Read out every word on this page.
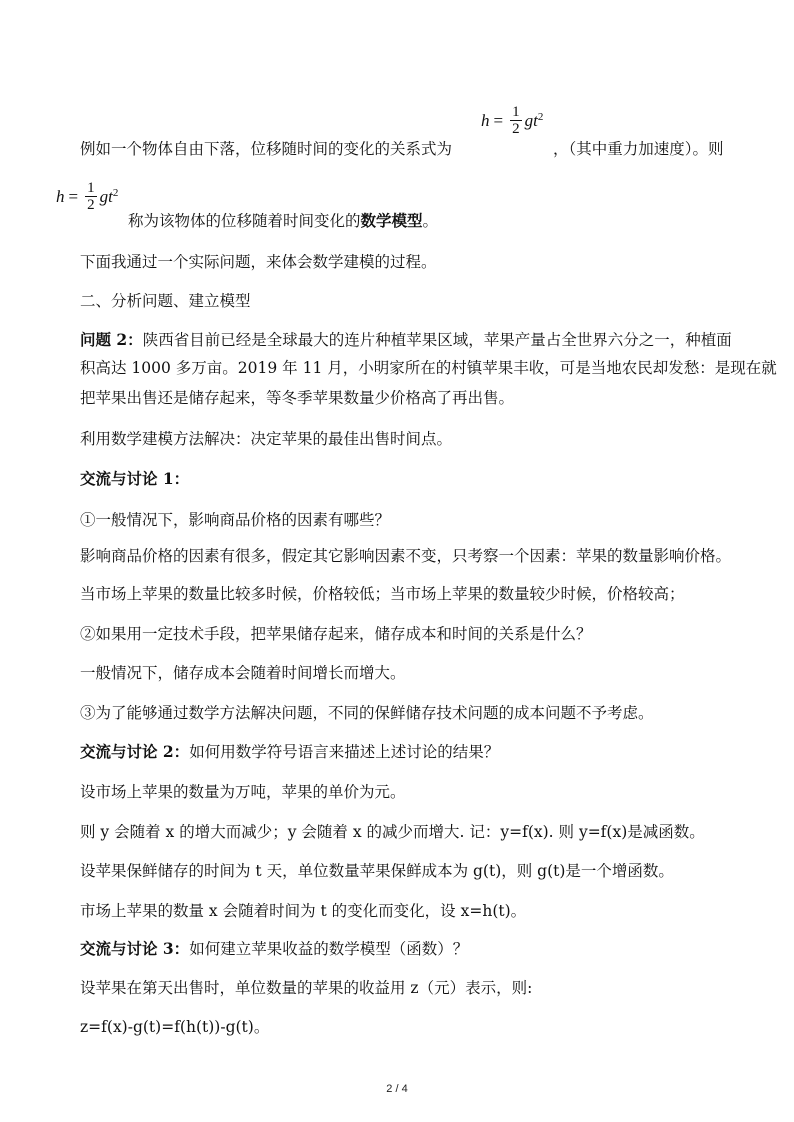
$h = \frac{1}{2}$ gt 2
例如一个物体自由下落，位移随时间的变化的关系式为	，（其中重力加速度）。则
$h = \frac{1}{2}$ gt 2
称为该物体的位移随着时间变化的数学模型。
下面我通过一个实际问题，来体会数学建模的过程。
二、分析问题、建立模型
问题 2：陕西省目前已经是全球最大的连片种植苹果区域，苹果产量占全世界六分之一，种植面
积高达 1000 多万亩。2019 年 11 月，小明家所在的村镇苹果丰收，可是当地农民却发愁：是现在就
把苹果出售还是储存起来，等冬季苹果数量少价格高了再出售。
利用数学建模方法解决：决定苹果的最佳出售时间点。
交流与讨论 1：
①一般情况下，影响商品价格的因素有哪些？
影响商品价格的因素有很多，假定其它影响因素不变，只考察一个因素：苹果的数量影响价格。
当市场上苹果的数量比较多时候，价格较低；当市场上苹果的数量较少时候，价格较高；
②如果用一定技术手段，把苹果储存起来，储存成本和时间的关系是什么？
一般情况下，储存成本会随着时间增长而增大。
③为了能够通过数学方法解决问题，不同的保鲜储存技术问题的成本问题不予考虑。
交流与讨论 2：如何用数学符号语言来描述上述讨论的结果？
设市场上苹果的数量为万吨，苹果的单价为元。
则 y 会随着 x 的增大而减少；y 会随着 x 的减少而增大. 记：y=f(x). 则 y=f(x)是减函数。
设苹果保鲜储存的时间为 t 天，单位数量苹果保鲜成本为 g(t)，则 g(t)是一个增函数。
市场上苹果的数量 x 会随着时间为 t 的变化而变化，设 x=h(t)。
交流与讨论 3：如何建立苹果收益的数学模型（函数）？
设苹果在第天出售时，单位数量的苹果的收益用 z（元）表示，则:
z=f(x)-g(t)=f(h(t))-g(t)。
2 / 4
